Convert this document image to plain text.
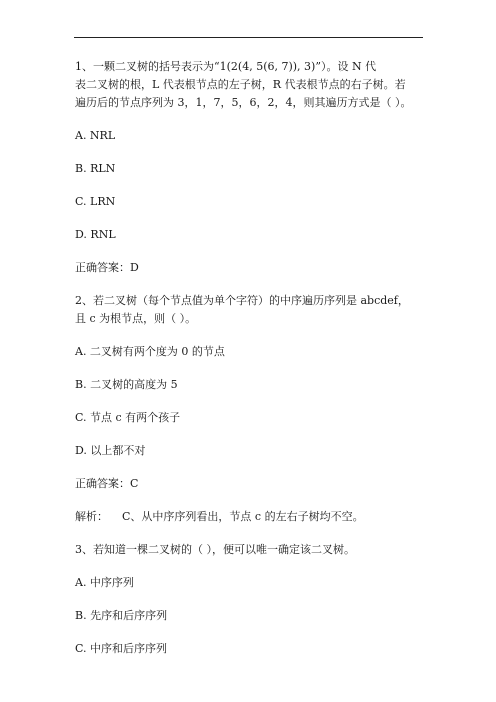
1、一颗二叉树的括号表示为“1(2(4, 5(6, 7)), 3)”）。设 N 代
表二叉树的根，L 代表根节点的左子树，R 代表根节点的右子树。若
遍历后的节点序列为 3，1，7，5，6，2，4，则其遍历方式是（ ）。
A. NRL
B. RLN
C. LRN
D. RNL
正确答案：D
2、若二叉树（每个节点值为单个字符）的中序遍历序列是 abcdef，
且 c 为根节点，则（ ）。
A. 二叉树有两个度为 0 的节点
B. 二叉树的高度为 5
C. 节点 c 有两个孩子
D. 以上都不对
正确答案：C
解析： C、从中序序列看出，节点 c 的左右子树均不空。
3、若知道一棵二叉树的（ ），便可以唯一确定该二叉树。
A. 中序序列
B. 先序和后序序列
C. 中序和后序序列
